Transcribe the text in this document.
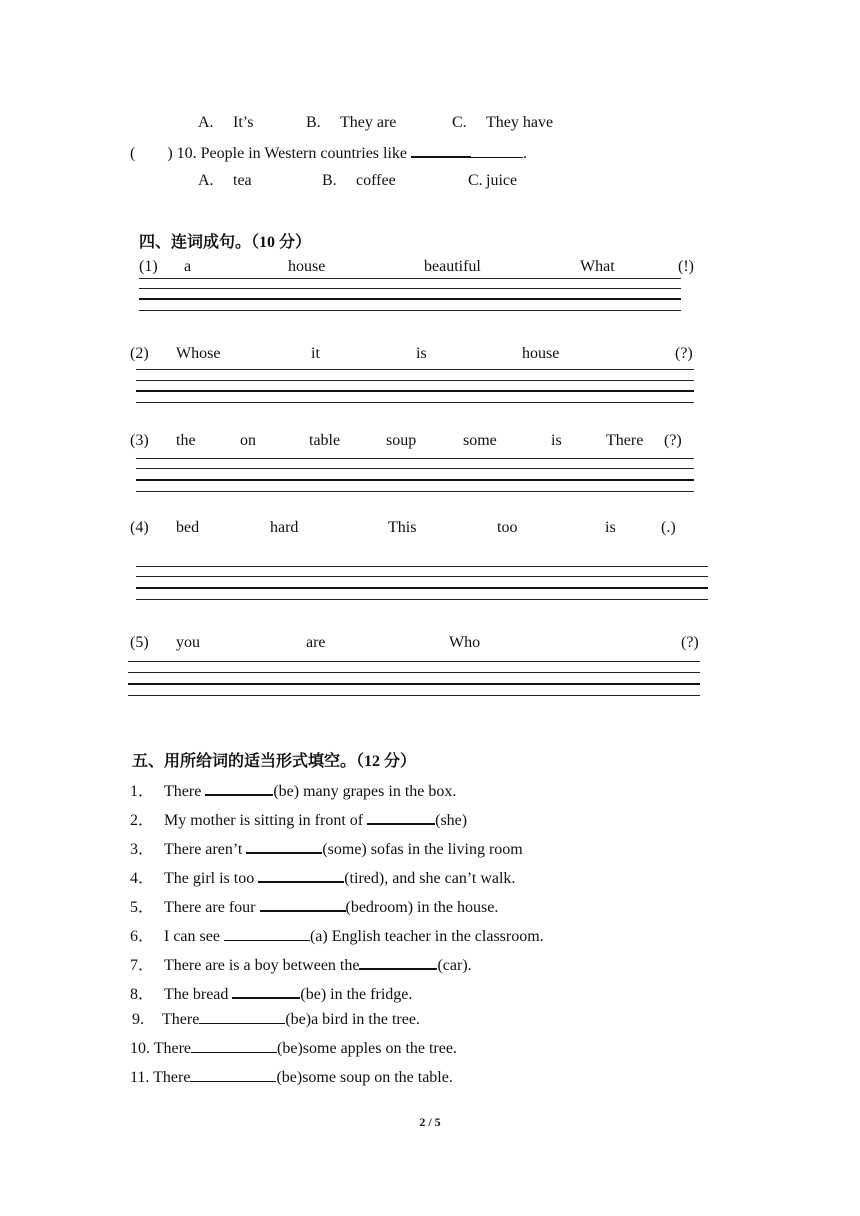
A. It’s	B. They are	C. They have
(        ) 10. People in Western countries like	.
A. tea	B. coffee	C. juice
四、连词成句。（10 分）
(1) a	house	beautiful	What	(!)
(2) Whose	it	is	house	(?)
(3) the	on	table	soup	some	is	There (?)
(4) bed	hard	This	too	is	(.)
(5) you	are	Who	(?)
五、用所给词的适当形式填空。（12 分）
1． There	(be) many grapes in the box.
2． My mother is sitting in front of	(she)
3． There aren’t	(some) sofas in the living room
4． The girl is too	(tired), and she can’t walk.
5． There are four	(bedroom) in the house.
6． I can see	(a) English teacher in the classroom.
7． There are is a boy between the	(car).
8． The bread	(be) in the fridge.
9. There	(be)a bird in the tree.
10. There	(be)some apples on the tree.
11. There	(be)some soup on the table.
2 / 5
